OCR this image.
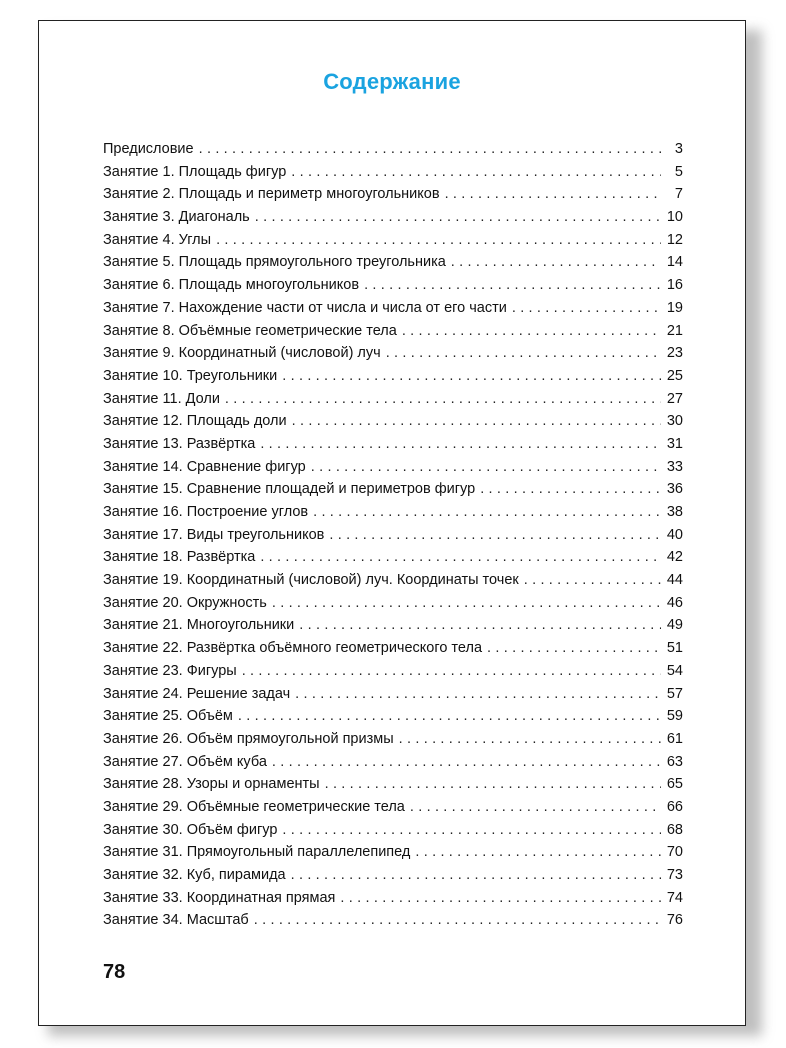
Содержание
Предисловие . . .	3
Занятие 1. Площадь фигур . . .	5
Занятие 2. Площадь и периметр многоугольников . . .	7
Занятие 3. Диагональ . . .	10
Занятие 4. Углы . . .	12
Занятие 5. Площадь прямоугольного треугольника . . .	14
Занятие 6. Площадь многоугольников . . .	16
Занятие 7. Нахождение части от числа и числа от его части . . .	19
Занятие 8. Объёмные геометрические тела . . .	21
Занятие 9. Координатный (числовой) луч . . .	23
Занятие 10. Треугольники . . .	25
Занятие 11. Доли . . .	27
Занятие 12. Площадь доли . . .	30
Занятие 13. Развёртка . . .	31
Занятие 14. Сравнение фигур . . .	33
Занятие 15. Сравнение площадей и периметров фигур . . .	36
Занятие 16. Построение углов . . .	38
Занятие 17. Виды треугольников . . .	40
Занятие 18. Развёртка . . .	42
Занятие 19. Координатный (числовой) луч. Координаты точек . . .	44
Занятие 20. Окружность . . .	46
Занятие 21. Многоугольники . . .	49
Занятие 22. Развёртка объёмного геометрического тела . . .	51
Занятие 23. Фигуры . . .	54
Занятие 24. Решение задач . . .	57
Занятие 25. Объём . . .	59
Занятие 26. Объём прямоугольной призмы . . .	61
Занятие 27. Объём куба . . .	63
Занятие 28. Узоры и орнаменты . . .	65
Занятие 29. Объёмные геометрические тела . . .	66
Занятие 30. Объём фигур . . .	68
Занятие 31. Прямоугольный параллелепипед . . .	70
Занятие 32. Куб, пирамида . . .	73
Занятие 33. Координатная прямая . . .	74
Занятие 34. Масштаб . . .	76
78
